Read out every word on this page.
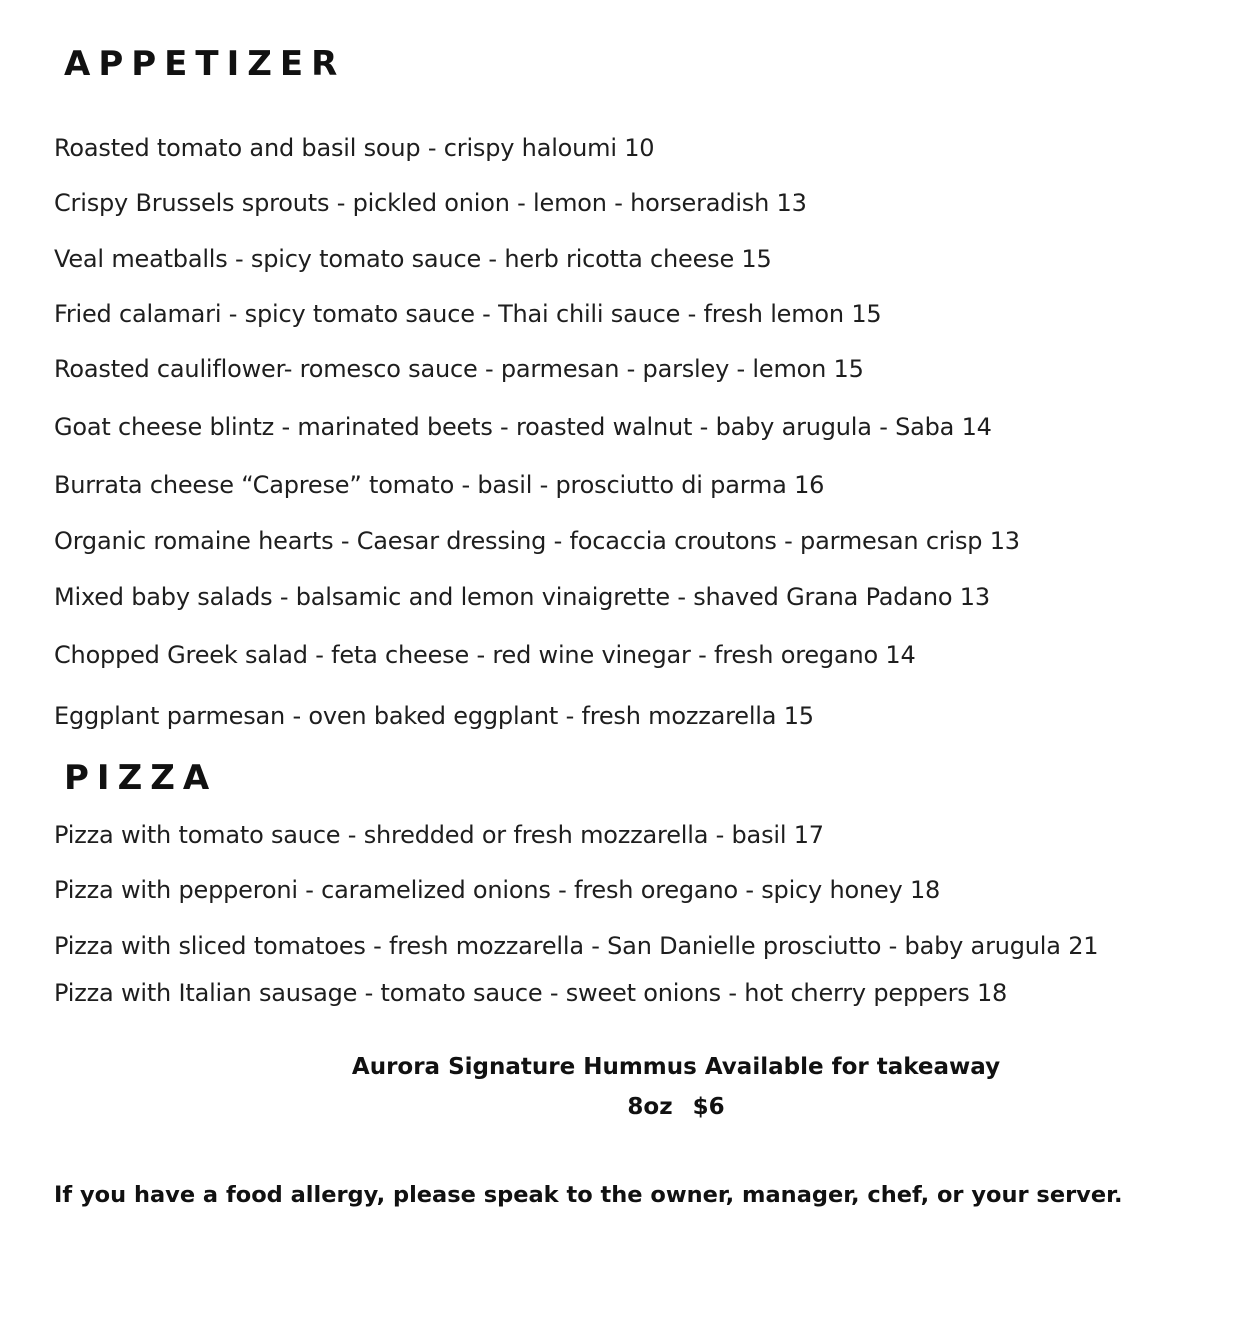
APPETIZER
Roasted tomato and basil soup - crispy haloumi 10
Crispy Brussels sprouts - pickled onion - lemon - horseradish 13
Veal meatballs - spicy tomato sauce - herb ricotta cheese 15
Fried calamari - spicy tomato sauce - Thai chili sauce - fresh lemon 15
Roasted cauliflower- romesco sauce - parmesan - parsley - lemon 15
Goat cheese blintz - marinated beets - roasted walnut - baby arugula - Saba 14
Burrata cheese “Caprese” tomato - basil - prosciutto di parma 16
Organic romaine hearts - Caesar dressing - focaccia croutons - parmesan crisp 13
Mixed baby salads - balsamic and lemon vinaigrette - shaved Grana Padano 13
Chopped Greek salad - feta cheese - red wine vinegar - fresh oregano 14
Eggplant parmesan - oven baked eggplant - fresh mozzarella 15
PIZZA
Pizza with tomato sauce - shredded or fresh mozzarella - basil 17
Pizza with pepperoni - caramelized onions - fresh oregano - spicy honey 18
Pizza with sliced tomatoes - fresh mozzarella - San Danielle prosciutto - baby arugula 21
Pizza with Italian sausage - tomato sauce - sweet onions - hot cherry peppers 18
Aurora Signature Hummus Available for takeaway
8oz $6
If you have a food allergy, please speak to the owner, manager, chef, or your server.
